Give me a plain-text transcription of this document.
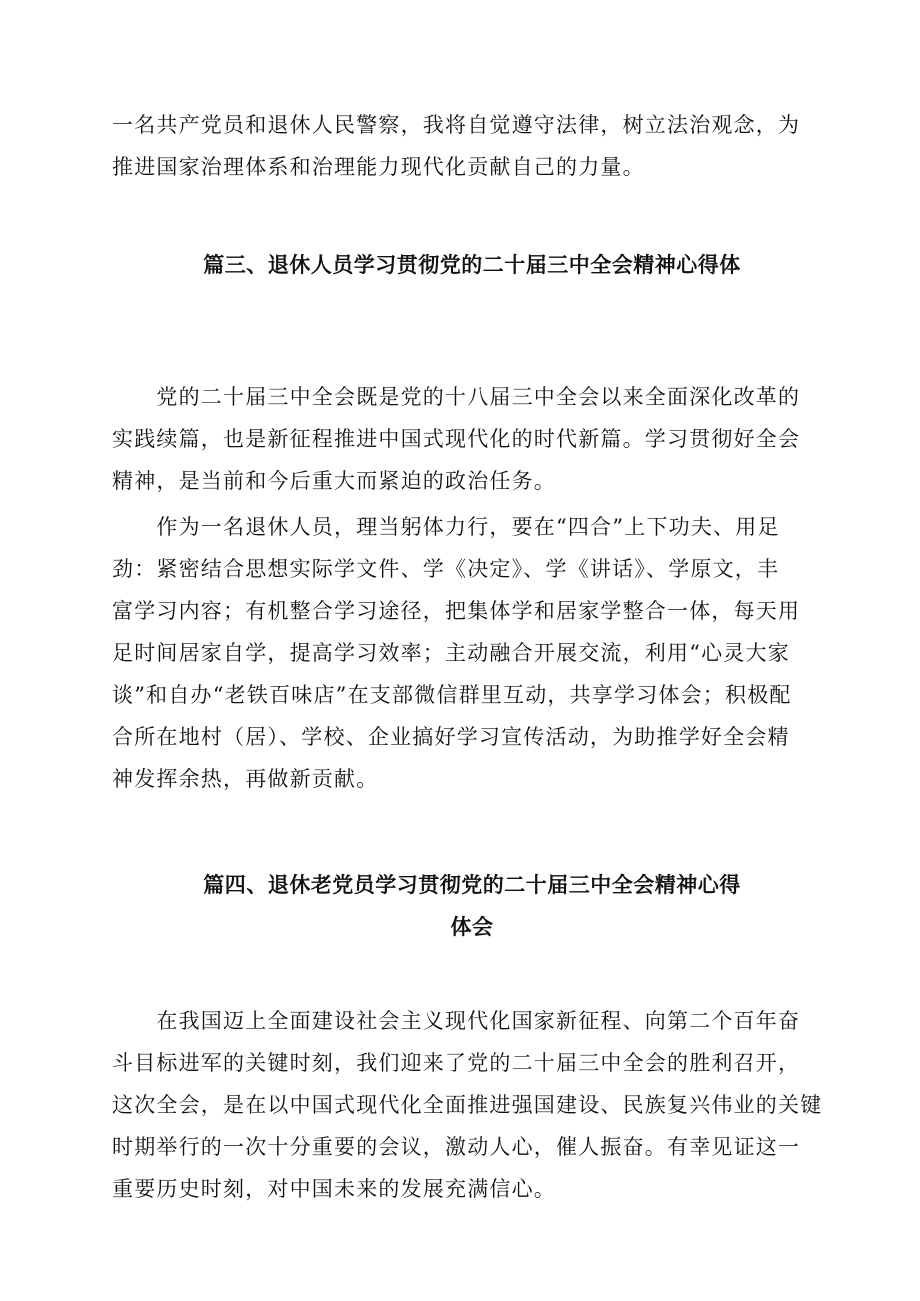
一名共产党员和退休人民警察，我将自觉遵守法律，树立法治观念，为
推进国家治理体系和治理能力现代化贡献自己的力量。

篇三、退休人员学习贯彻党的二十届三中全会精神心得体

　　党的二十届三中全会既是党的十八届三中全会以来全面深化改革的
实践续篇，也是新征程推进中国式现代化的时代新篇。学习贯彻好全会
精神，是当前和今后重大而紧迫的政治任务。

　　作为一名退休人员，理当躬体力行，要在“四合”上下功夫、用足
劲：紧密结合思想实际学文件、学《决定》、学《讲话》、学原文，丰
富学习内容；有机整合学习途径，把集体学和居家学整合一体，每天用
足时间居家自学，提高学习效率；主动融合开展交流，利用“心灵大家
谈”和自办“老铁百味店”在支部微信群里互动，共享学习体会；积极配
合所在地村（居）、学校、企业搞好学习宣传活动，为助推学好全会精
神发挥余热，再做新贡献。

篇四、退休老党员学习贯彻党的二十届三中全会精神心得
体会

　　在我国迈上全面建设社会主义现代化国家新征程、向第二个百年奋
斗目标进军的关键时刻，我们迎来了党的二十届三中全会的胜利召开，
这次全会，是在以中国式现代化全面推进强国建设、民族复兴伟业的关键
时期举行的一次十分重要的会议，激动人心，催人振奋。有幸见证这一
重要历史时刻，对中国未来的发展充满信心。
